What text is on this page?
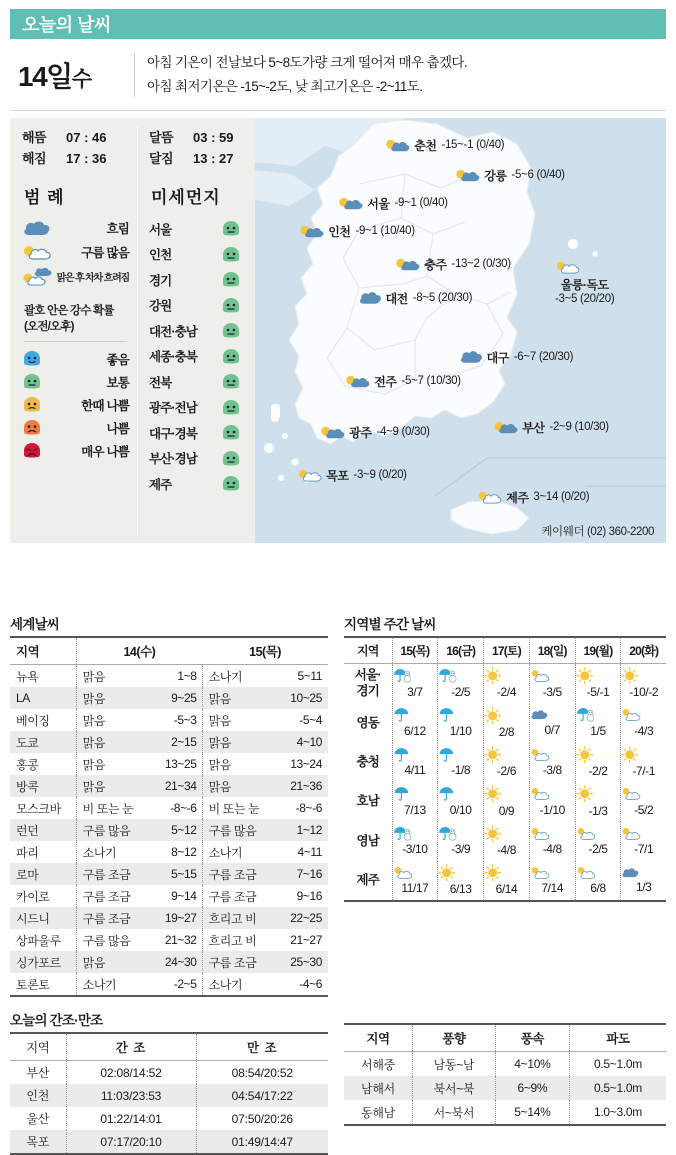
오늘의 날씨
14일수
아침 기온이 전날보다 5~8도가량 크게 떨어져 매우 춥겠다.
아침 최저기온은 -15~-2도, 낮 최고기온은 -2~11도.
해뜸	07 : 46
해짐	17 : 36
범 례
흐림
구름 많음
맑은 후 차차 흐려짐
괄호 안은 강수 확률
(오전/오후)
좋음
보통
한때 나쁨
나쁨
매우 나쁨
달뜸	03 : 59
달짐	13 : 27
미세먼지
서울
인천
경기
강원
대전·충남
세종·충북
전북
광주·전남
대구·경북
부산·경남
제주
춘천 -15~-1 (0/40)
강릉 -5~6 (0/40)
서울 -9~1 (0/40)
인천 -9~1 (10/40)
충주 -13~2 (0/30)
대전 -8~5 (20/30)
울릉·독도
-3~5 (20/20)
대구 -6~7 (20/30)
전주 -5~7 (10/30)
광주 -4~9 (0/30)	부산 -2~9 (10/30)
목포 -3~9 (0/20)
제주 3~14 (0/20)
케이웨더 (02) 360-2200
세계날씨
지역	14(수)		15(목)	
뉴욕	맑음	1~8	소나기	5~11
LA	맑음	9~25	맑음	10~25
베이징	맑음	-5~3	맑음	-5~4
도쿄	맑음	2~15	맑음	4~10
홍콩	맑음	13~25	맑음	13~24
방콕	맑음	21~34	맑음	21~36
모스크바	비 또는 눈	-8~-6	비 또는 눈	-8~-6
런던	구름 많음	5~12	구름 많음	1~12
파리	소나기	8~12	소나기	4~11
로마	구름 조금	5~15	구름 조금	7~16
카이로	구름 조금	9~14	구름 조금	9~16
시드니	구름 조금	19~27	흐리고 비	22~25
상파울루	구름 많음	21~32	흐리고 비	21~27
싱가포르	맑음	24~30	구름 조금	25~30
토론토	소나기	-2~5	소나기	-4~6
지역별 주간 날씨
지역	15(목)	16(금)	17(토)	18(일)	19(월)	20(화)
서울·
경기	3/7	-2/5	-2/4	-3/5	-5/-1	-10/-2

영동	6/12	1/10	2/8	0/7	1/5	-4/3

충청	4/11	-1/8	-2/6	-3/8	-2/2	-7/-1

호남	7/13	0/10	0/9	-1/10	-1/3	-5/2

영남	-3/10	-3/9	-4/8	-4/8	-2/5	-7/1

제주	11/17	6/13	6/14	7/14	6/8	1/3
오늘의 간조·만조
지역	간 조	만 조
부산	02:08/14:52	08:54/20:52
인천	11:03/23:53	04:54/17:22
울산	01:22/14:01	07:50/20:26
목포	07:17/20:10	01:49/14:47
지역	풍향	풍속	파도
서해중	남동~남	4~10%	0.5~1.0m
남해서	북서~북	6~9%	0.5~1.0m
동해남	서~북서	5~14%	1.0~3.0m
